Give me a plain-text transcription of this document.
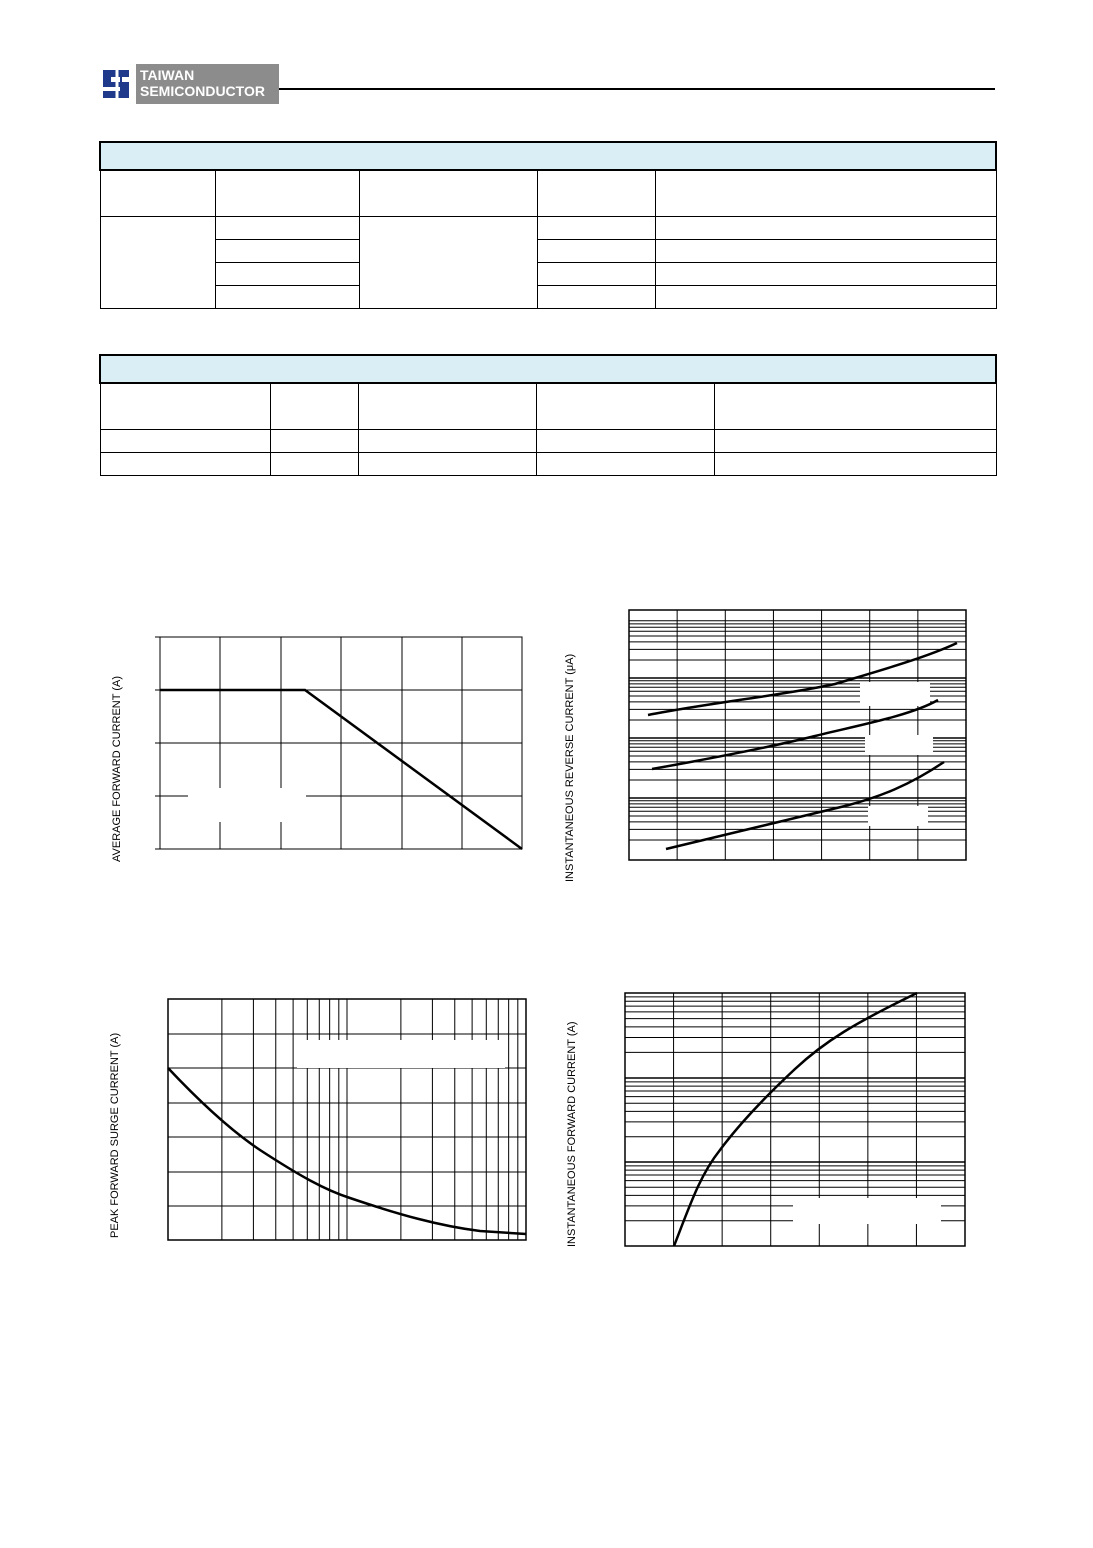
TAIWAN
SEMICONDUCTOR

AVERAGE FORWARD CURRENT (A)	INSTANTANEOUS REVERSE CURRENT (μA)
PEAK FORWARD SURGE CURRENT (A)	INSTANTANEOUS FORWARD CURRENT (A)
